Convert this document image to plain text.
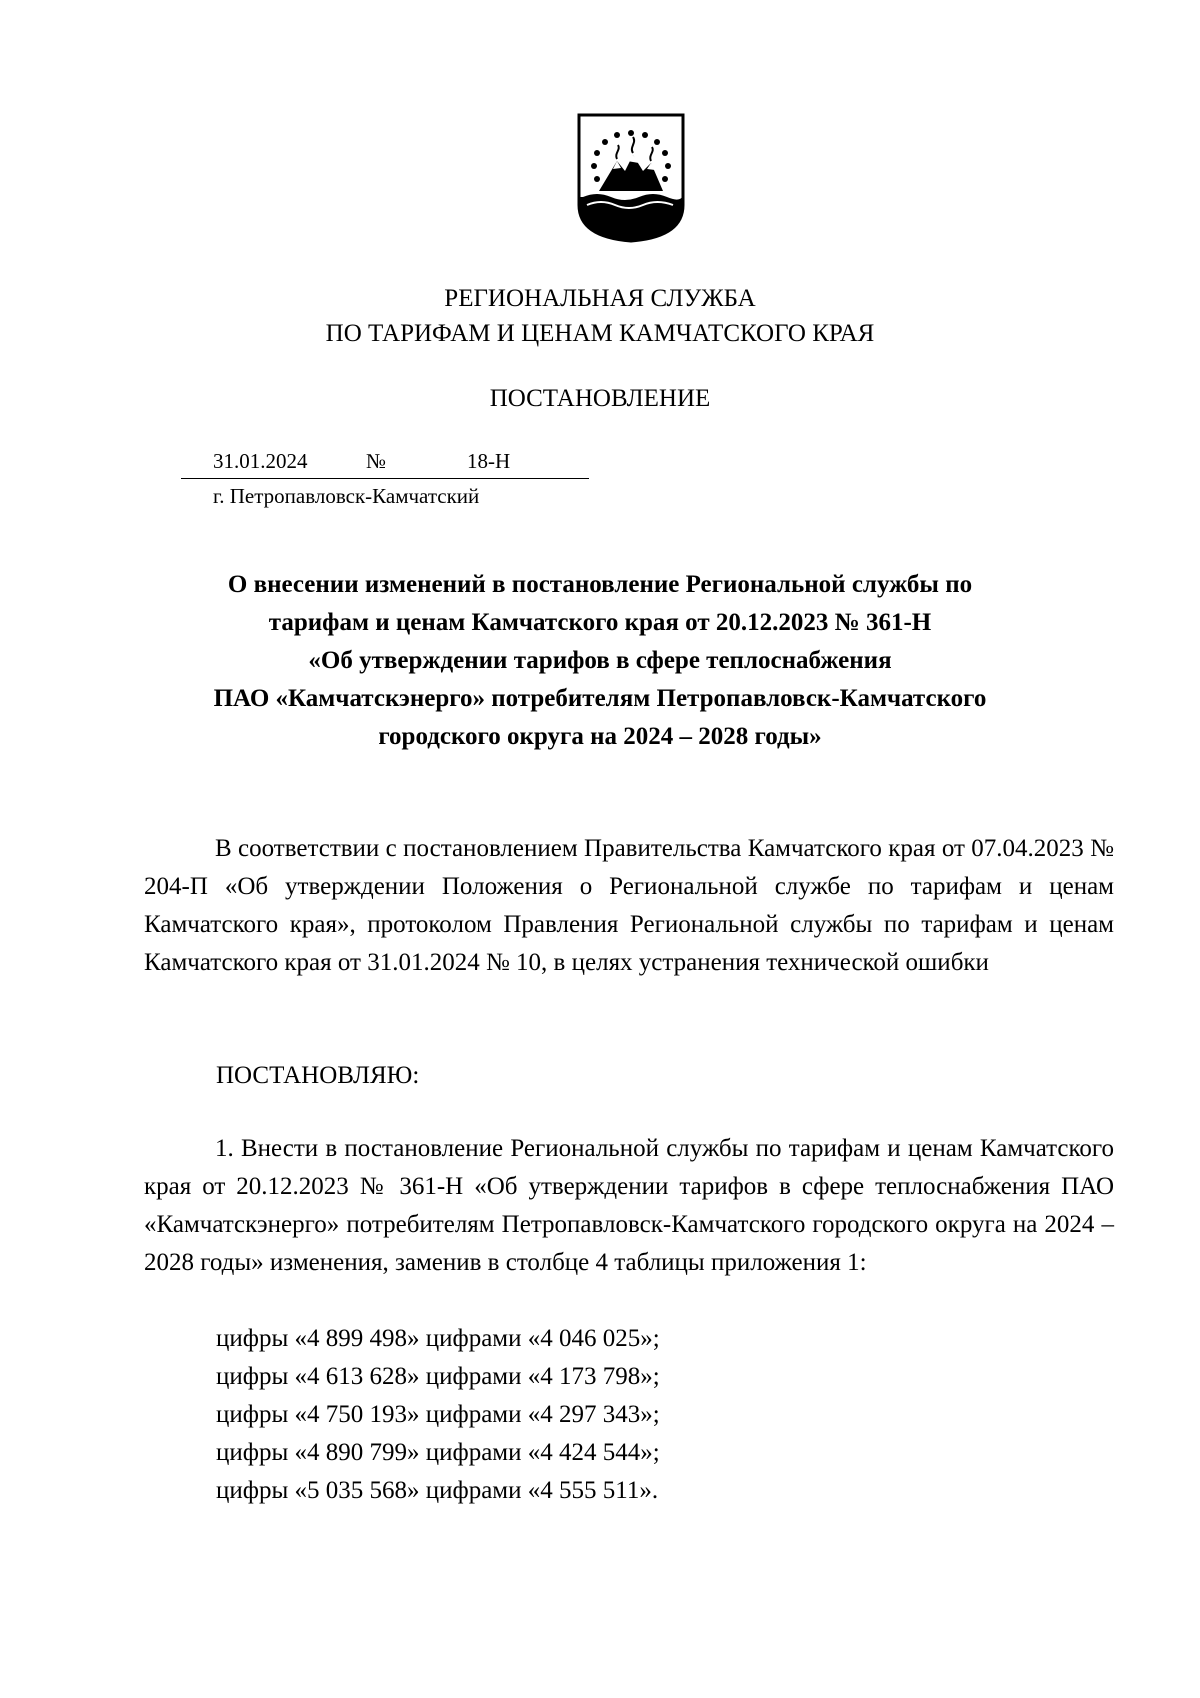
РЕГИОНАЛЬНАЯ СЛУЖБА
ПО ТАРИФАМ И ЦЕНАМ КАМЧАТСКОГО КРАЯ
ПОСТАНОВЛЕНИЕ
31.01.2024	№	18-Н
г. Петропавловск-Камчатский
О внесении изменений в постановление Региональной службы по
тарифам и ценам Камчатского края от 20.12.2023 № 361-Н
«Об утверждении тарифов в сфере теплоснабжения
ПАО «Камчатскэнерго» потребителям Петропавловск-Камчатского
городского округа на 2024 – 2028 годы»
В соответствии с постановлением Правительства Камчатского края от 07.04.2023 № 204-П «Об утверждении Положения о Региональной службе по тарифам и ценам Камчатского края», протоколом Правления Региональной службы по тарифам и ценам Камчатского края от 31.01.2024 № 10, в целях устранения технической ошибки
ПОСТАНОВЛЯЮ:
1. Внести в постановление Региональной службы по тарифам и ценам Камчатского края от 20.12.2023 № 361-Н «Об утверждении тарифов в сфере теплоснабжения ПАО «Камчатскэнерго» потребителям Петропавловск-Камчатского городского округа на 2024 – 2028 годы» изменения, заменив в столбце 4 таблицы приложения 1:
цифры «4 899 498» цифрами «4 046 025»;
цифры «4 613 628» цифрами «4 173 798»;
цифры «4 750 193» цифрами «4 297 343»;
цифры «4 890 799» цифрами «4 424 544»;
цифры «5 035 568» цифрами «4 555 511».
